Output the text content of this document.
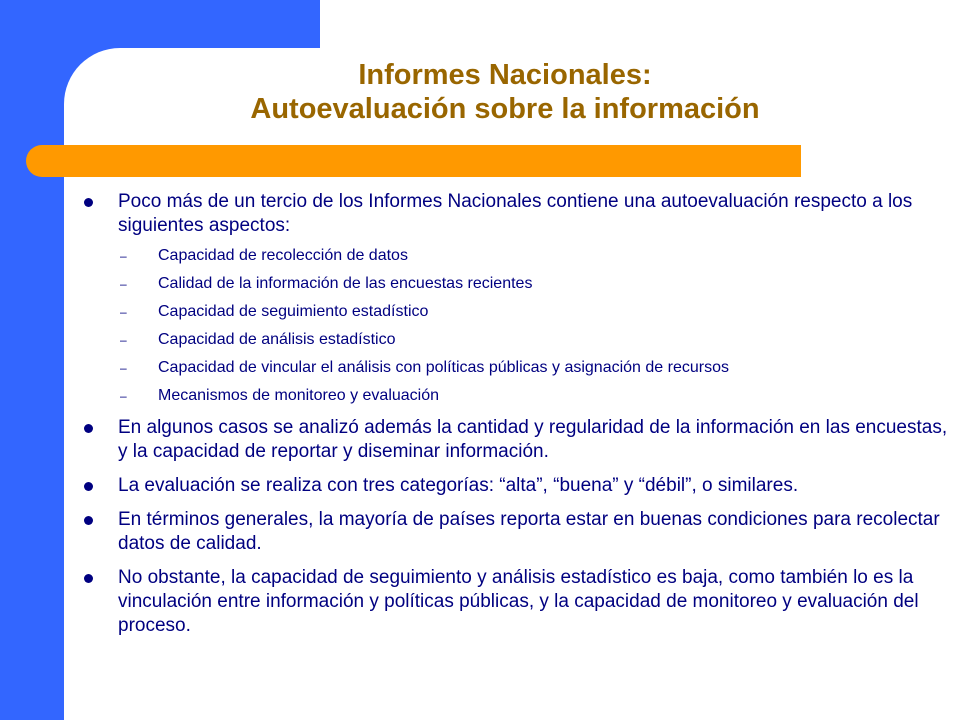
Informes Nacionales:
Autoevaluación sobre la información
Poco más de un tercio de los Informes Nacionales contiene una autoevaluación respecto a los siguientes aspectos:
– Capacidad de recolección de datos
– Calidad de la información de las encuestas recientes
– Capacidad de seguimiento estadístico
– Capacidad de análisis estadístico
– Capacidad de vincular el análisis con políticas públicas y asignación de recursos
– Mecanismos de monitoreo y evaluación
En algunos casos se analizó además la cantidad y regularidad de la información en las encuestas, y la capacidad de reportar y diseminar información.
La evaluación se realiza con tres categorías: “alta”, “buena” y “débil”, o similares.
En términos generales, la mayoría de países reporta estar en buenas condiciones para recolectar datos de calidad.
No obstante, la capacidad de seguimiento y análisis estadístico es baja, como también lo es la vinculación entre información y políticas públicas, y la capacidad de monitoreo y evaluación del proceso.
